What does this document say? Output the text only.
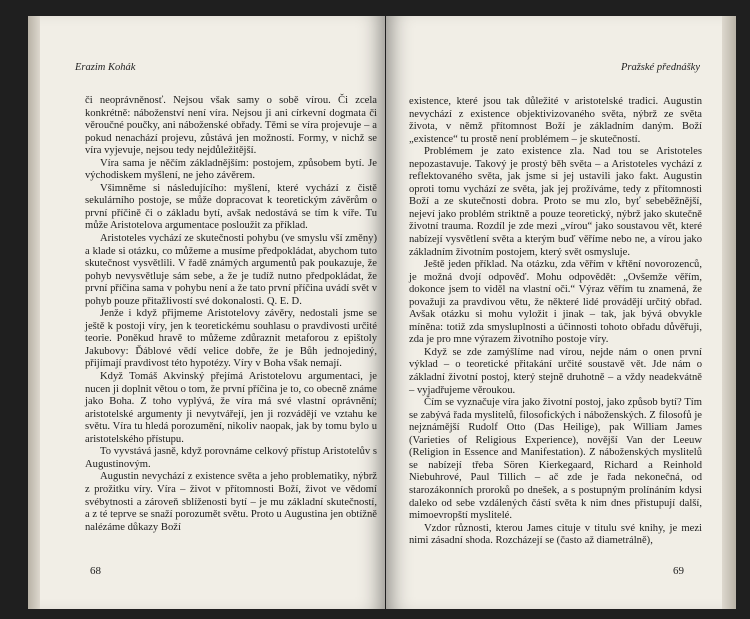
Erazim Kohák

či neoprávněnosť. Nejsou však samy o sobě vírou. Či zcela konkrétně: náboženství není víra. Nejsou ji ani církevní dogmata či věroučné poučky, ani náboženské obřady. Těmi se víra projevuje – a pokud nenachází projevu, zůstává jen možností. Formy, v nichž se víra vyjevuje, nejsou tedy nejdůležitější.

Víra sama je něčím základnějším: postojem, způsobem bytí. Je východiskem myšlení, ne jeho závěrem.

Všimněme si následujícího: myšlení, které vychází z čistě sekulárního postoje, se může dopracovat k teoretickým závěrům o první příčině či o základu bytí, avšak nedostává se tím k víře. Tu může Aristotelova argumentace posloužit za příklad.

Aristoteles vychází ze skutečnosti pohybu (ve smyslu vší změny) a klade si otázku, co můžeme a musíme předpokládat, abychom tuto skutečnost vysvětlili. V řadě známých argumentů pak poukazuje, že pohyb nevysvětluje sám sebe, a že je tudíž nutno předpokládat, že první příčina sama v pohybu není a že tato první příčina uvádí svět v pohyb pouze přitažlivostí své dokonalosti. Q. E. D.

Jenže i když přijmeme Aristotelovy závěry, nedostali jsme se ještě k postoji víry, jen k teoretickému souhlasu o pravdivosti určité teorie. Poněkud hravě to můžeme zdůraznit metaforou z epištoly Jakubovy: Ďáblové vědí velice dobře, že je Bůh jednojediný, přijímají pravdivost této hypotézy. Víry v Boha však nemají.

Když Tomáš Akvinský přejímá Aristotelovu argumentaci, je nucen ji doplnit větou o tom, že první příčina je to, co obecně známe jako Boha. Z toho vyplývá, že víra má své vlastní oprávnění; aristotelské argumenty ji nevytvářejí, jen ji rozvádějí ve vztahu ke světu. Víra tu hledá porozumění, nikoliv naopak, jak by tomu bylo u aristotelského přístupu.

To vyvstává jasně, když porovnáme celkový přístup Aristotelův s Augustinovým.

Augustin nevychází z existence světa a jeho problematiky, nýbrž z prožitku víry. Víra – život v přítomnosti Boží, život ve vědomí svébytnosti a zároveň sblíženosti bytí – je mu základní skutečností, a z té teprve se snaží porozumět světu. Proto u Augustina jen obtížně nalézáme důkazy Boží

68
Pražské přednášky

existence, které jsou tak důležité v aristotelské tradici. Augustin nevychází z existence objektivizovaného světa, nýbrž ze světa života, v němž přítomnost Boží je základním daným. Boží „existence“ tu prostě není problémem – je skutečností.

Problémem je zato existence zla. Nad tou se Aristoteles nepozastavuje. Takový je prostý běh světa – a Aristoteles vychází z reflektovaného světa, jak jsme si jej ustavili jako fakt. Augustin oproti tomu vychází ze světa, jak jej prožíváme, tedy z přítomnosti Boží a ze skutečnosti dobra. Proto se mu zlo, byť sebeběžnější, nejeví jako problém striktně a pouze teoretický, nýbrž jako skutečně životní trauma. Rozdíl je zde mezi „vírou“ jako soustavou vět, které nabízejí vysvětlení světa a kterým buď věříme nebo ne, a vírou jako základním životním postojem, který svět osmysluje.

Ještě jeden příklad. Na otázku, zda věřím v křtění novorozenců, je možná dvojí odpověď. Mohu odpovědět: „Ovšemže věřím, dokonce jsem to viděl na vlastní oči.“ Výraz věřím tu znamená, že považuji za pravdivou větu, že některé lidé provádějí určitý obřad. Avšak otázku si mohu vyložit i jinak – tak, jak bývá obvykle míněna: totiž zda smysluplnosti a účinnosti tohoto obřadu důvěřuji, zda je pro mne výrazem životního postoje víry.

Když se zde zamýšlíme nad vírou, nejde nám o onen první výklad – o teoretické přitakání určité soustavě vět. Jde nám o základní životní postoj, který stejně druhotně – a vždy neadekvátně – vyjadřujeme věroukou.

Čím se vyznačuje víra jako životní postoj, jako způsob bytí? Tím se zabývá řada myslitelů, filosofických i náboženských. Z filosofů je nejznámější Rudolf Otto (Das Heilige), pak William James (Varieties of Religious Experience), novější Van der Leeuw (Religion in Essence and Manifestation). Z náboženských myslitelů se nabízejí třeba Sören Kierkegaard, Richard a Reinhold Niebuhrové, Paul Tillich – ač zde je řada nekonečná, od starozákonních proroků po dnešek, a s postupným prolínáním kdysi daleko od sebe vzdálených částí světa k nim dnes přistupují další, mimoevropští myslitelé.

Vzdor různosti, kterou James cituje v titulu své knihy, je mezi nimi zásadní shoda. Rozcházejí se (často až diametrálně),

69
